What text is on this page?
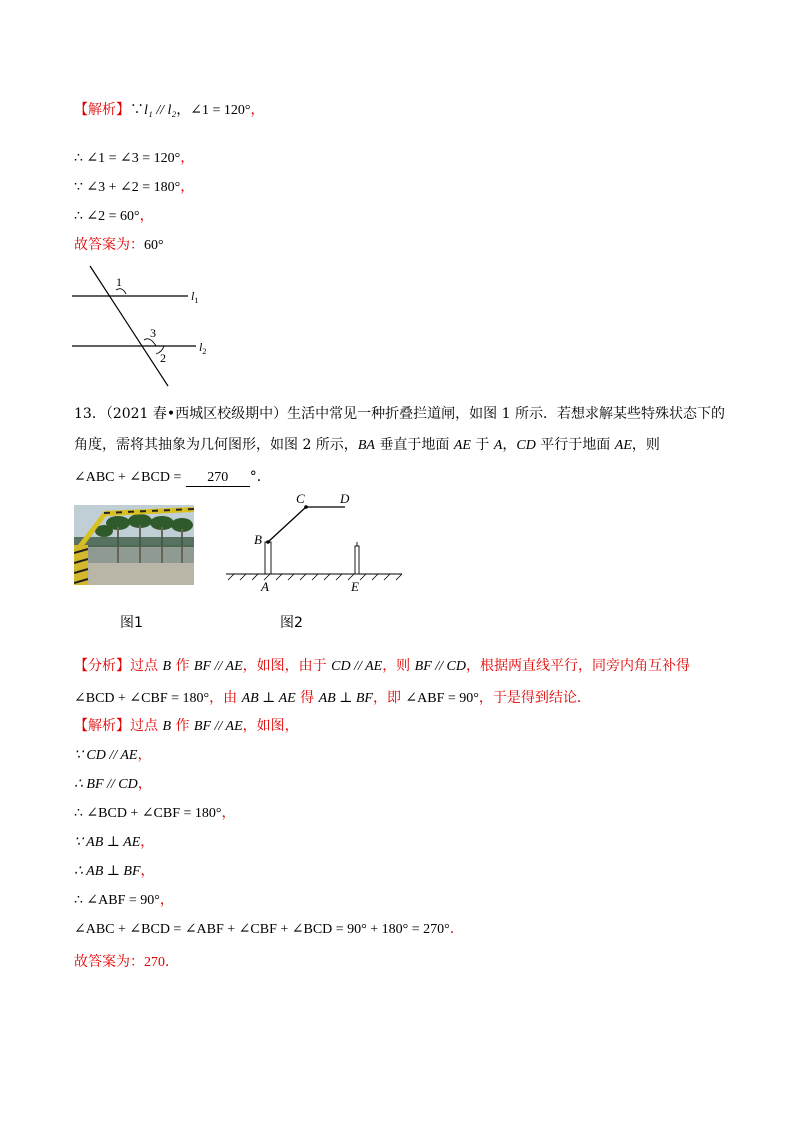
【解析】∵l₁ // l₂，∠1 = 120°，
∴ ∠1 = ∠3 = 120°，
∵ ∠3 + ∠2 = 180°，
∴ ∠2 = 60°，
故答案为：60°
1
3
2
$l_1$
$l_2$
13．（2021 春•西城区校级期中）生活中常见一种折叠拦道闸，如图 1 所示．若想求解某些特殊状态下的
角度，需将其抽象为几何图形，如图 2 所示，BA 垂直于地面 AE 于 A，CD 平行于地面 AE，则
∠ABC + ∠BCD = 270 °．
图1
B
C	D
A	E
图2
【分析】过点 B 作 BF // AE，如图，由于 CD // AE，则 BF // CD，根据两直线平行，同旁内角互补得
∠BCD + ∠CBF = 180°，由 AB ⊥ AE 得 AB ⊥ BF，即 ∠ABF = 90°，于是得到结论．
【解析】过点 B 作 BF // AE，如图，
∵ CD // AE，
∴ BF // CD，
∴ ∠BCD + ∠CBF = 180°，
∵ AB ⊥ AE，
∴ AB ⊥ BF，
∴ ∠ABF = 90°，
∠ABC + ∠BCD = ∠ABF + ∠CBF + ∠BCD = 90° + 180° = 270°．
故答案为：270．
